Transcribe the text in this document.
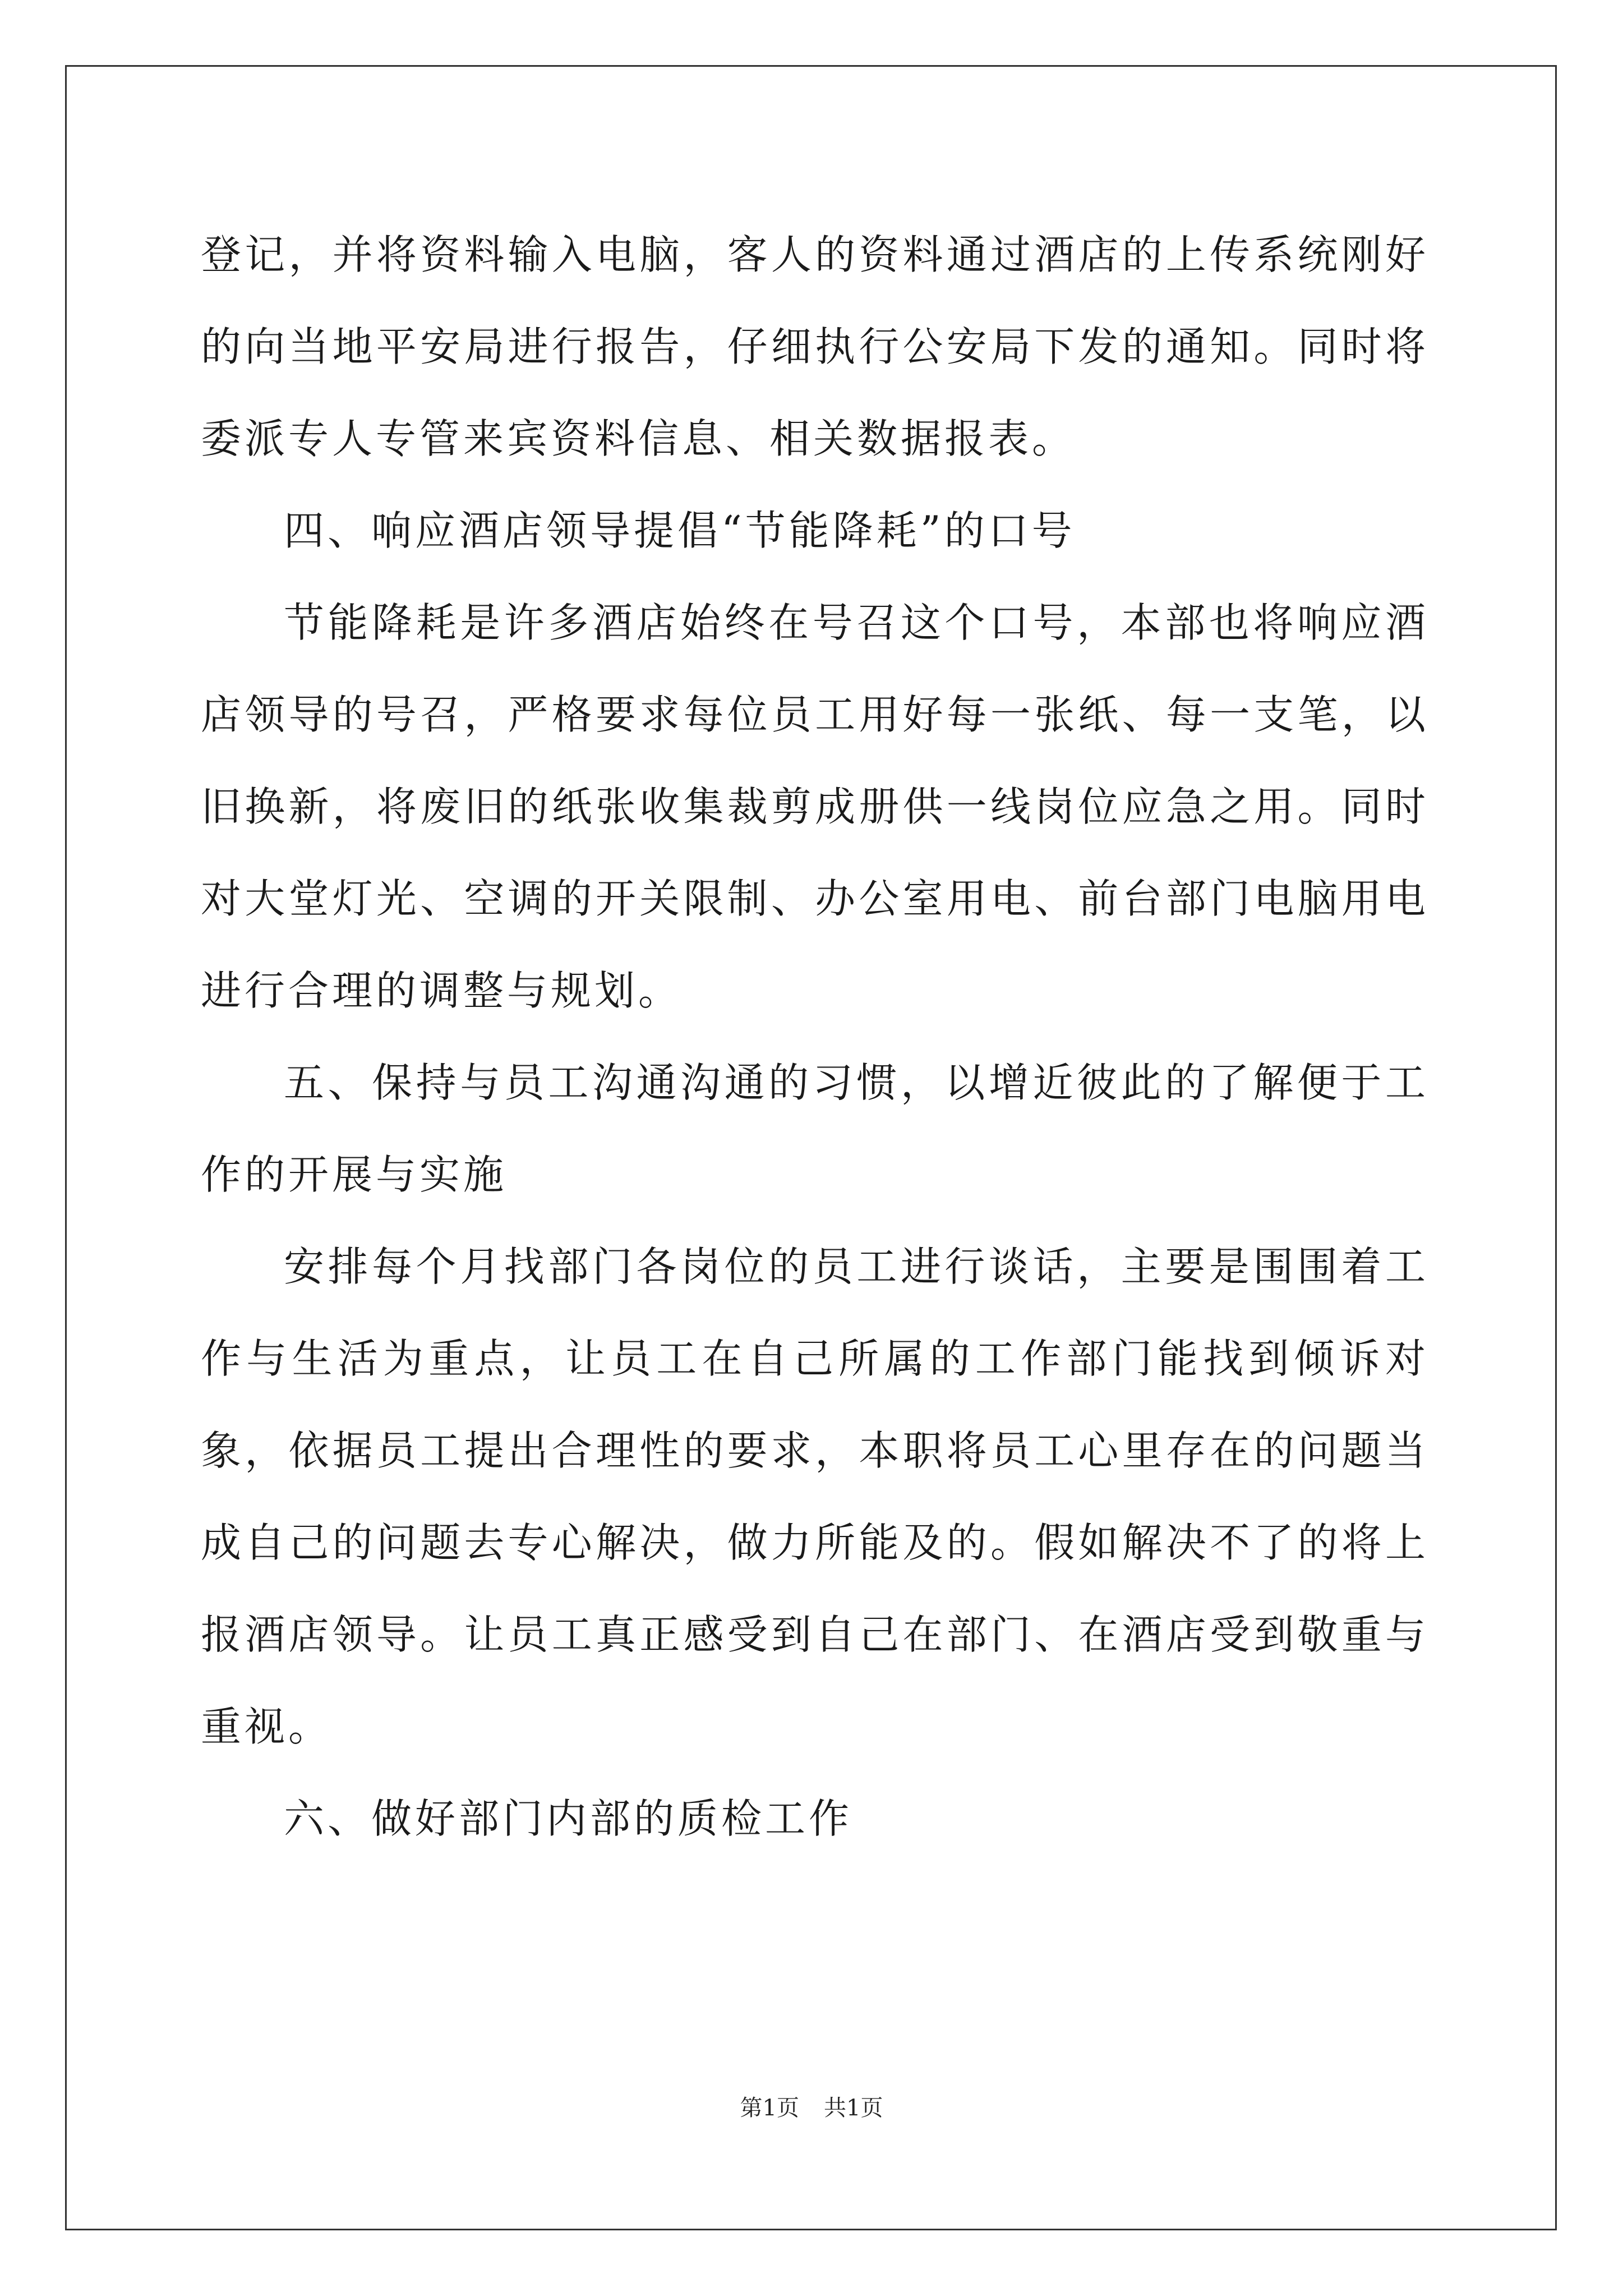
登记，并将资料输入电脑，客人的资料通过酒店的上传系统刚好的向当地平安局进行报告，仔细执行公安局下发的通知。同时将委派专人专管来宾资料信息、相关数据报表。

四、响应酒店领导提倡“节能降耗”的口号

节能降耗是许多酒店始终在号召这个口号，本部也将响应酒店领导的号召，严格要求每位员工用好每一张纸、每一支笔，以旧换新，将废旧的纸张收集裁剪成册供一线岗位应急之用。同时对大堂灯光、空调的开关限制、办公室用电、前台部门电脑用电进行合理的调整与规划。

五、保持与员工沟通沟通的习惯，以增近彼此的了解便于工作的开展与实施

安排每个月找部门各岗位的员工进行谈话，主要是围围着工作与生活为重点，让员工在自己所属的工作部门能找到倾诉对象，依据员工提出合理性的要求，本职将员工心里存在的问题当成自己的问题去专心解决，做力所能及的。假如解决不了的将上报酒店领导。让员工真正感受到自己在部门、在酒店受到敬重与重视。

六、做好部门内部的质检工作

第1页 共1页
